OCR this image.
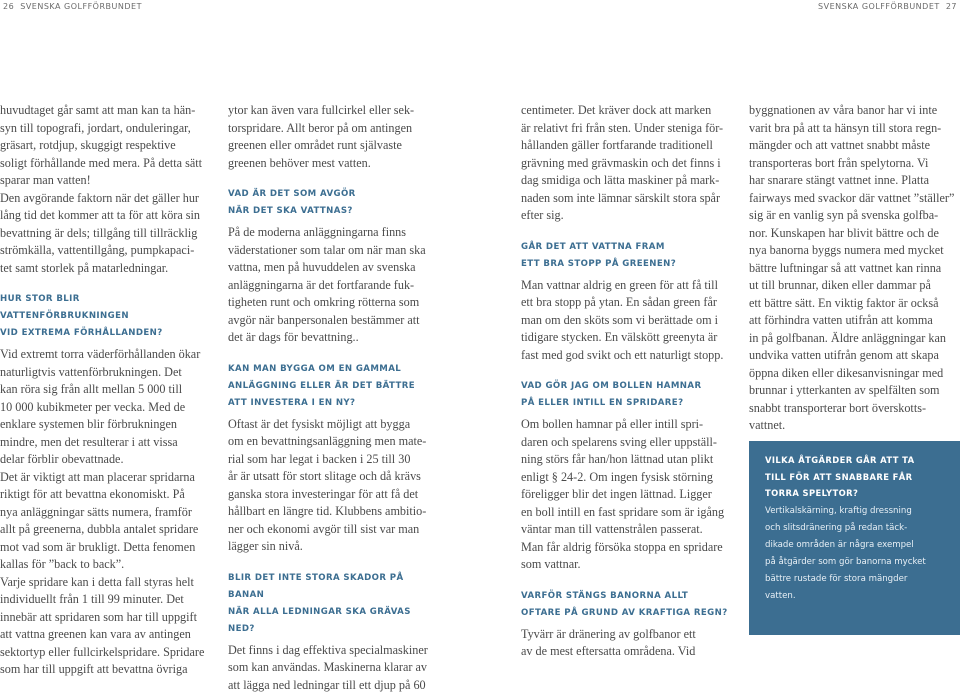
26 SVENSKA GOLFFÖRBUNDET	SVENSKA GOLFFÖRBUNDET 27

huvudtaget går samt att man kan ta hän-
syn till topografi, jordart, onduleringar,
gräsart, rotdjup, skuggigt respektive
soligt förhållande med mera. På detta sätt
sparar man vatten!

Den avgörande faktorn när det gäller hur
lång tid det kommer att ta för att köra sin
bevattning är dels; tillgång till tillräcklig
strömkälla, vattentillgång, pumpkapaci-
tet samt storlek på matarledningar.

HUR STOR BLIR VATTENFÖRBRUKNINGEN
VID EXTREMA FÖRHÅLLANDEN?

Vid extremt torra väderförhållanden ökar
naturligtvis vattenförbrukningen. Det
kan röra sig från allt mellan 5 000 till
10 000 kubikmeter per vecka. Med de
enklare systemen blir förbrukningen
mindre, men det resulterar i att vissa
delar förblir obevattnade.
Det är viktigt att man placerar spridarna
riktigt för att bevattna ekonomiskt. På
nya anläggningar sätts numera, framför
allt på greenerna, dubbla antalet spridare
mot vad som är brukligt. Detta fenomen
kallas för ”back to back”.
Varje spridare kan i detta fall styras helt
individuellt från 1 till 99 minuter. Det
innebär att spridaren som har till uppgift
att vattna greenen kan vara av antingen
sektortyp eller fullcirkelspridare. Spridare
som har till uppgift att bevattna övriga

ytor kan även vara fullcirkel eller sek-
torspridare. Allt beror på om antingen
greenen eller området runt självaste
greenen behöver mest vatten.

VAD ÄR DET SOM AVGÖR
NÄR DET SKA VATTNAS?

På de moderna anläggningarna finns
väderstationer som talar om när man ska
vattna, men på huvuddelen av svenska
anläggningarna är det fortfarande fuk-
tigheten runt och omkring rötterna som
avgör när banpersonalen bestämmer att
det är dags för bevattning..

KAN MAN BYGGA OM EN GAMMAL
ANLÄGGNING ELLER ÄR DET BÄTTRE
ATT INVESTERA I EN NY?

Oftast är det fysiskt möjligt att bygga
om en bevattningsanläggning men mate-
rial som har legat i backen i 25 till 30
år är utsatt för stort slitage och då krävs
ganska stora investeringar för att få det
hållbart en längre tid. Klubbens ambitio-
ner och ekonomi avgör till sist var man
lägger sin nivå.

BLIR DET INTE STORA SKADOR PÅ BANAN
NÄR ALLA LEDNINGAR SKA GRÄVAS NED?

Det finns i dag effektiva specialmaskiner
som kan användas. Maskinerna klarar av
att lägga ned ledningar till ett djup på 60

centimeter. Det kräver dock att marken
är relativt fri från sten. Under steniga för-
hållanden gäller fortfarande traditionell
grävning med grävmaskin och det finns i
dag smidiga och lätta maskiner på mark-
naden som inte lämnar särskilt stora spår
efter sig.

GÅR DET ATT VATTNA FRAM
ETT BRA STOPP PÅ GREENEN?

Man vattnar aldrig en green för att få till
ett bra stopp på ytan. En sådan green får
man om den sköts som vi berättade om i
tidigare stycken. En välskött greenyta är
fast med god svikt och ett naturligt stopp.

VAD GÖR JAG OM BOLLEN HAMNAR
PÅ ELLER INTILL EN SPRIDARE?

Om bollen hamnar på eller intill spri-
daren och spelarens sving eller uppställ-
ning störs får han/hon lättnad utan plikt
enligt § 24-2. Om ingen fysisk störning
föreligger blir det ingen lättnad. Ligger
en boll intill en fast spridare som är igång
väntar man till vattenstrålen passerat.
Man får aldrig försöka stoppa en spridare
som vattnar.

VARFÖR STÄNGS BANORNA ALLT
OFTARE PÅ GRUND AV KRAFTIGA REGN?

Tyvärr är dränering av golfbanor ett
av de mest eftersatta områdena. Vid

byggnationen av våra banor har vi inte
varit bra på att ta hänsyn till stora regn-
mängder och att vattnet snabbt måste
transporteras bort från spelytorna. Vi
har snarare stängt vattnet inne. Platta
fairways med svackor där vattnet ”ställer”
sig är en vanlig syn på svenska golfba-
nor. Kunskapen har blivit bättre och de
nya banorna byggs numera med mycket
bättre luftningar så att vattnet kan rinna
ut till brunnar, diken eller dammar på
ett bättre sätt. En viktig faktor är också
att förhindra vatten utifrån att komma
in på golfbanan. Äldre anläggningar kan
undvika vatten utifrån genom att skapa
öppna diken eller dikesanvisningar med
brunnar i ytterkanten av spelfälten som
snabbt transporterar bort överskotts-
vattnet.

VILKA ÅTGÄRDER GÅR ATT TA
TILL FÖR ATT SNABBARE FÅR
TORRA SPELYTOR?

Vertikalskärning, kraftig dressning
och slitsdränering på redan täck-
dikade områden är några exempel
på åtgärder som gör banorna mycket
bättre rustade för stora mängder
vatten.
